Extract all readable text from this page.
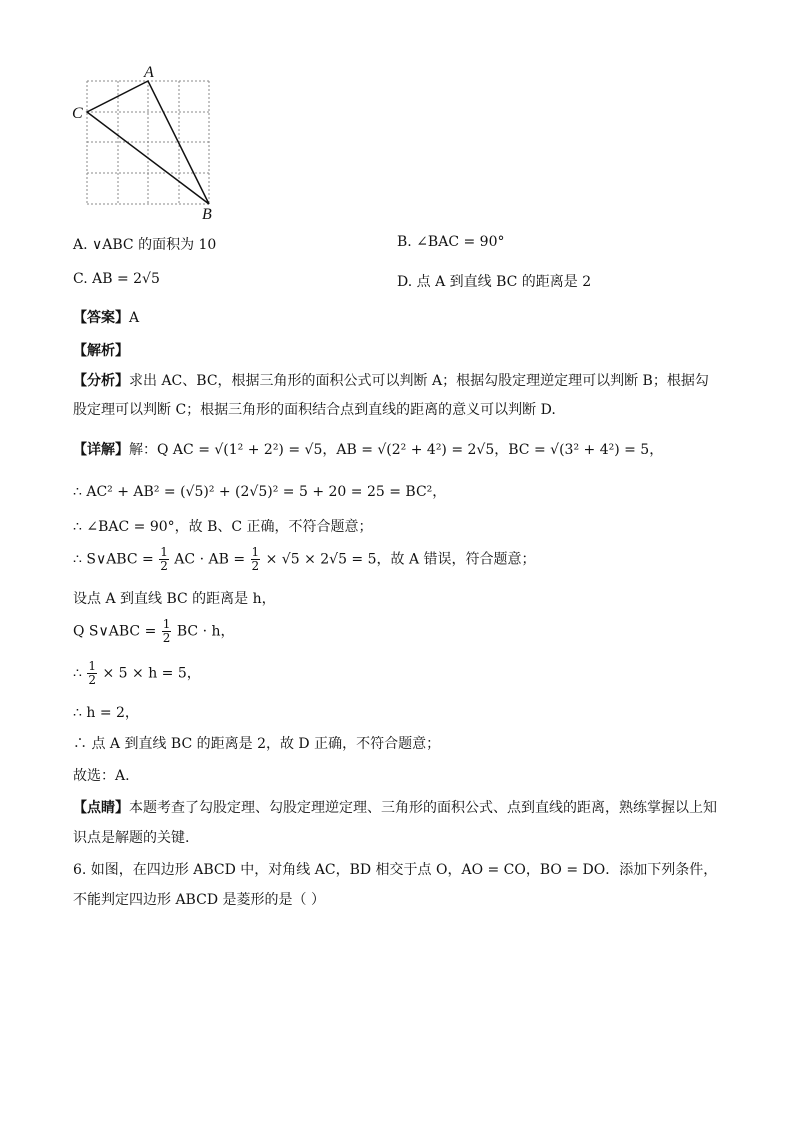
A
C
B
A. ∨ABC 的面积为 10	B. ∠BAC = 90°
C. AB = 2√5	D. 点 A 到直线 BC 的距离是 2
【答案】A
【解析】
【分析】求出 AC、BC，根据三角形的面积公式可以判断 A；根据勾股定理逆定理可以判断 B；根据勾
股定理可以判断 C；根据三角形的面积结合点到直线的距离的意义可以判断 D.
【详解】解：Q AC = √(1² + 2²) = √5，AB = √(2² + 4²) = 2√5，BC = √(3² + 4²) = 5，
∴ AC² + AB² = (√5)² + (2√5)² = 5 + 20 = 25 = BC²，
∴ ∠BAC = 90°，故 B、C 正确，不符合题意；
∴ S∨ABC = $\frac{1}{2}$ AC · AB = $\frac{1}{2} \times √5 \times 2√5 = 5$，故 A 错误，符合题意；
设点 A 到直线 BC 的距离是 h，
Q S∨ABC = $\frac{1}{2}$ BC · h，
∴ $\frac{1}{2} \times 5 \times h = 5$，
∴ h = 2，
∴ 点 A 到直线 BC 的距离是 2，故 D 正确，不符合题意；
故选：A.
【点睛】本题考查了勾股定理、勾股定理逆定理、三角形的面积公式、点到直线的距离，熟练掌握以上知
识点是解题的关键.
6. 如图，在四边形 ABCD 中，对角线 AC，BD 相交于点 O，AO = CO，BO = DO．添加下列条件，
不能判定四边形 ABCD 是菱形的是（ ）
